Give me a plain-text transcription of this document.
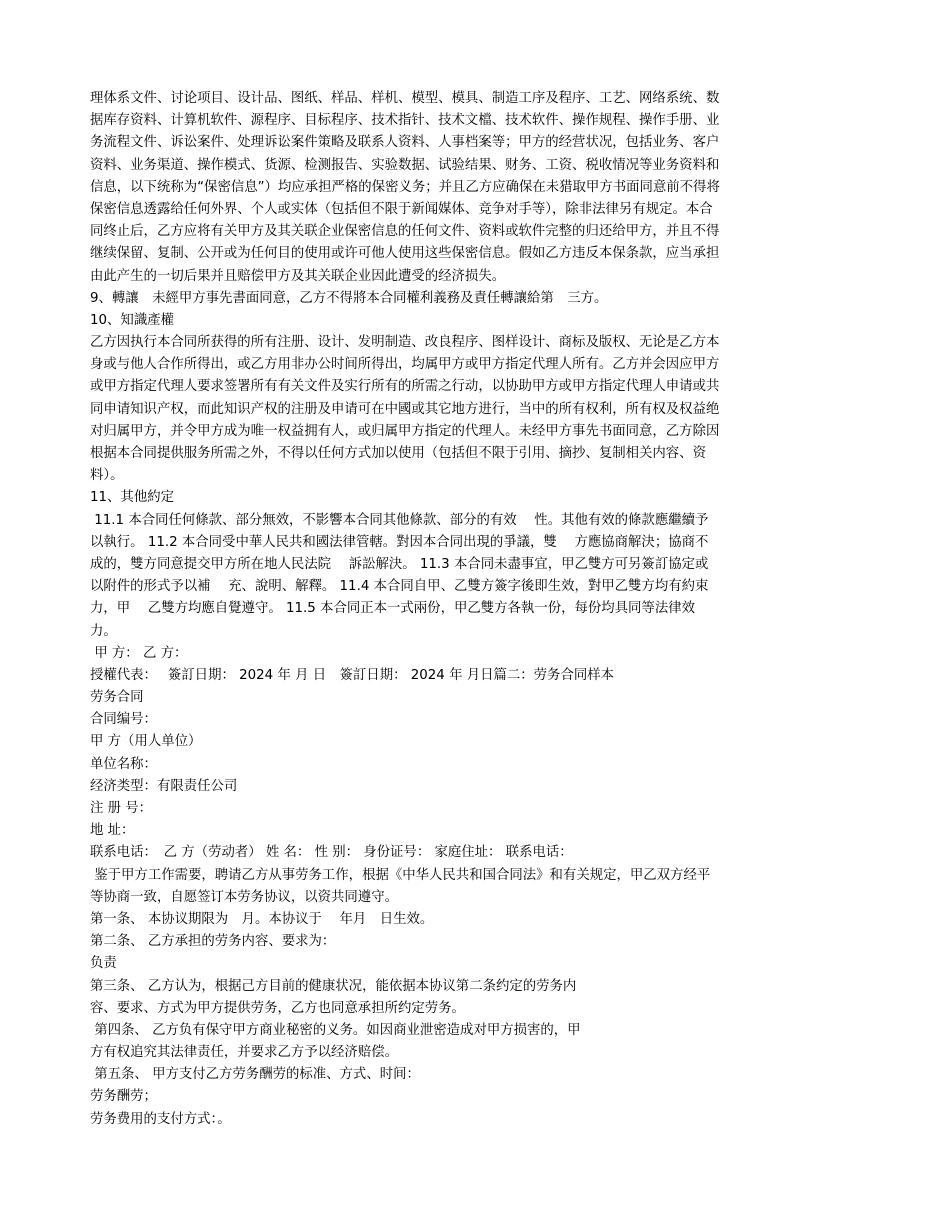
理体系文件、讨论项目、设计品、图纸、样品、样机、模型、模具、制造工序及程序、工艺、网络系统、数
据库存资料、计算机软件、源程序、目标程序、技术指针、技术文檔、技术软件、操作规程、操作手册、业
务流程文件、诉讼案件、处理诉讼案件策略及联系人资料、人事档案等；甲方的经营状况，包括业务、客户
资料、业务渠道、操作模式、货源、检测报告、实验数据、试验结果、财务、工资、税收情况等业务资料和
信息，以下统称为“保密信息”）均应承担严格的保密义务；并且乙方应确保在未猎取甲方书面同意前不得将
保密信息透露给任何外界、个人或实体（包括但不限于新闻媒体、竞争对手等），除非法律另有规定。本合
同终止后，乙方应将有关甲方及其关联企业保密信息的任何文件、资料或软件完整的归还给甲方，并且不得
继续保留、复制、公开或为任何目的使用或许可他人使用这些保密信息。假如乙方违反本保条款，应当承担
由此产生的一切后果并且赔偿甲方及其关联企业因此遭受的经济损失。
9、轉讓　未經甲方事先書面同意，乙方不得將本合同權利義務及責任轉讓給第　三方。
10、知識產權
乙方因执行本合同所获得的所有注册、设计、发明制造、改良程序、图样设计、商标及版权、无论是乙方本
身或与他人合作所得出，或乙方用非办公时间所得出，均属甲方或甲方指定代理人所有。乙方并会因应甲方
或甲方指定代理人要求签署所有有关文件及实行所有的所需之行动，以协助甲方或甲方指定代理人申请或共
同申请知识产权，而此知识产权的注册及申请可在中國或其它地方进行，当中的所有权利，所有权及权益绝
对归属甲方，并令甲方成为唯一权益拥有人，或归属甲方指定的代理人。未经甲方事先书面同意，乙方除因
根据本合同提供服务所需之外，不得以任何方式加以使用（包括但不限于引用、摘抄、复制相关内容、资
料）。
11、其他約定
11.1 本合同任何條款、部分無效，不影響本合同其他條款、部分的有效　 性。其他有效的條款應繼續予
以執行。 11.2 本合同受中華人民共和國法律管轄。對因本合同出現的爭議，雙　 方應協商解決；協商不
成的，雙方同意提交甲方所在地人民法院　 訴訟解決。 11.3 本合同未盡事宜，甲乙雙方可另簽訂協定或
以附件的形式予以補　 充、說明、解釋。 11.4 本合同自甲、乙雙方簽字後即生效，對甲乙雙方均有約束
力，甲　 乙雙方均應自覺遵守。 11.5 本合同正本一式兩份，甲乙雙方各執一份，每份均具同等法律效
力。
甲 方： 乙 方：
授權代表：　 簽訂日期： 2024 年 月 日　簽訂日期： 2024 年 月日篇二：劳务合同样本
劳务合同
合同编号：
甲 方（用人单位）
单位名称：
经济类型：有限责任公司
注 册 号：
地 址：
联系电话：　乙 方（劳动者） 姓 名： 性 别： 身份证号： 家庭住址： 联系电话：
鉴于甲方工作需要，聘请乙方从事劳务工作，根据《中华人民共和国合同法》和有关规定，甲乙双方经平
等协商一致，自愿签订本劳务协议，以资共同遵守。
第一条、 本协议期限为　月。本协议于　 年月　日生效。
第二条、 乙方承担的劳务内容、要求为：
负责
第三条、 乙方认为，根据己方目前的健康状况，能依据本协议第二条约定的劳务内
容、要求、方式为甲方提供劳务，乙方也同意承担所约定劳务。
第四条、 乙方负有保守甲方商业秘密的义务。如因商业泄密造成对甲方损害的，甲
方有权追究其法律责任，并要求乙方予以经济赔偿。
第五条、 甲方支付乙方劳务酬劳的标准、方式、时间：
劳务酬劳；
劳务费用的支付方式：。
